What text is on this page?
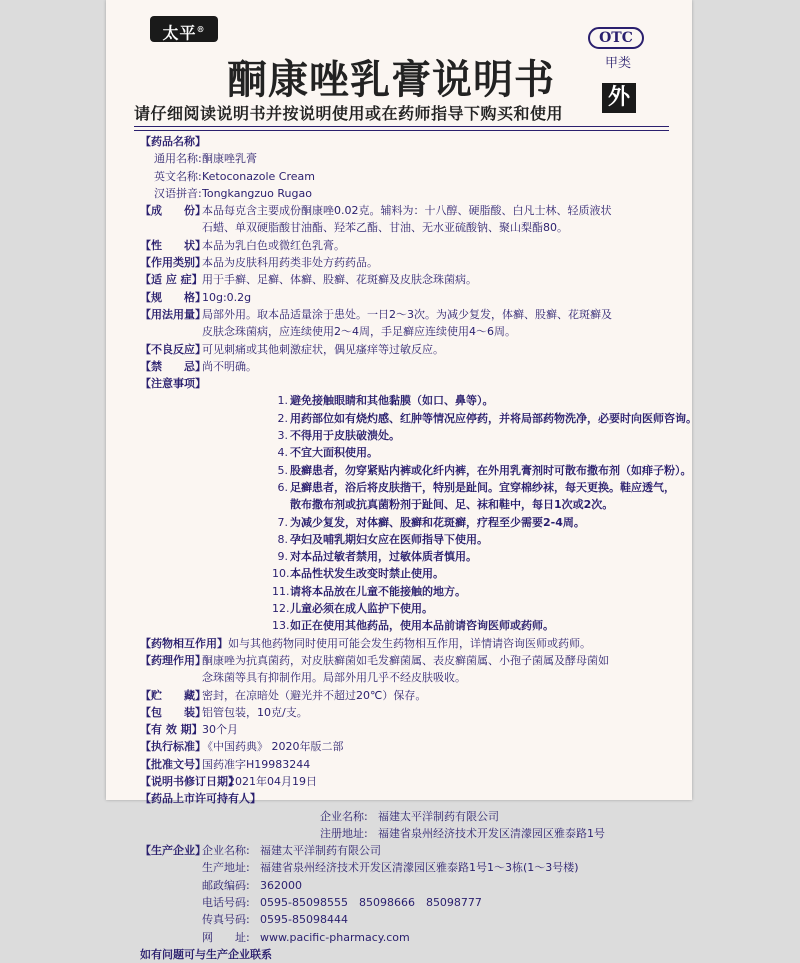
太平®
OTC
甲类
外
酮康唑乳膏说明书
请仔细阅读说明书并按说明使用或在药师指导下购买和使用
【药品名称】
通用名称: 酮康唑乳膏
英文名称: Ketoconazole Cream
汉语拼音: Tongkangzuo Rugao
【成　　份】
本品每克含主要成份酮康唑0.02克。辅料为：十八醇、硬脂酸、白凡士林、轻质液状
石蜡、单双硬脂酸甘油酯、羟苯乙酯、甘油、无水亚硫酸钠、聚山梨酯80。
【性　　状】
本品为乳白色或微红色乳膏。
【作用类别】
本品为皮肤科用药类非处方药药品。
【适 应 症】 用于手癣、足癣、体癣、股癣、花斑癣及皮肤念珠菌病。
【规　　格】
10g:0.2g
【用法用量】
局部外用。取本品适量涂于患处。一日2～3次。为减少复发，体癣、股癣、花斑癣及
皮肤念珠菌病，应连续使用2～4周，手足癣应连续使用4～6周。
【不良反应】
可见刺痛或其他刺激症状，偶见瘙痒等过敏反应。
【禁　　忌】
尚不明确。
【注意事项】
1. 避免接触眼睛和其他黏膜（如口、鼻等）。
2. 用药部位如有烧灼感、红肿等情况应停药，并将局部药物洗净，必要时向医师咨询。
3. 不得用于皮肤破溃处。
4. 不宜大面积使用。
5. 股癣患者，勿穿紧贴内裤或化纤内裤，在外用乳膏剂时可散布撒布剂（如痱子粉）。
6. 足癣患者，浴后将皮肤揩干，特别是趾间。宜穿棉纱袜，每天更换。鞋应透气，
散布撒布剂或抗真菌粉剂于趾间、足、袜和鞋中，每日1次或2次。
7. 为减少复发，对体癣、股癣和花斑癣，疗程至少需要2-4周。
8. 孕妇及哺乳期妇女应在医师指导下使用。
9. 对本品过敏者禁用，过敏体质者慎用。
10. 本品性状发生改变时禁止使用。
11. 请将本品放在儿童不能接触的地方。
12. 儿童必须在成人监护下使用。
13. 如正在使用其他药品，使用本品前请咨询医师或药师。
【药物相互作用】 如与其他药物同时使用可能会发生药物相互作用，详情请咨询医师或药师。
【药理作用】
酮康唑为抗真菌药，对皮肤癣菌如毛发癣菌属、表皮癣菌属、小孢子菌属及酵母菌如
念珠菌等具有抑制作用。局部外用几乎不经皮肤吸收。
【贮　　藏】
密封，在凉暗处（避光并不超过20℃）保存。
【包　　装】
铝管包装，10克/支。
【有 效 期】 30个月
【执行标准】
《中国药典》 2020年版二部
【批准文号】
国药准字H19983244
【说明书修订日期】
2021年04月19日
【药品上市许可持有人】
企业名称: 福建太平洋制药有限公司
注册地址: 福建省泉州经济技术开发区清濛园区雅泰路1号
【生产企业】
企业名称: 福建太平洋制药有限公司
生产地址: 福建省泉州经济技术开发区清濛园区雅泰路1号1～3栋(1～3号楼)
邮政编码: 362000
电话号码: 0595-85098555　85098666　85098777
传真号码: 0595-85098444
网　　址: www.pacific-pharmacy.com
如有问题可与生产企业联系
